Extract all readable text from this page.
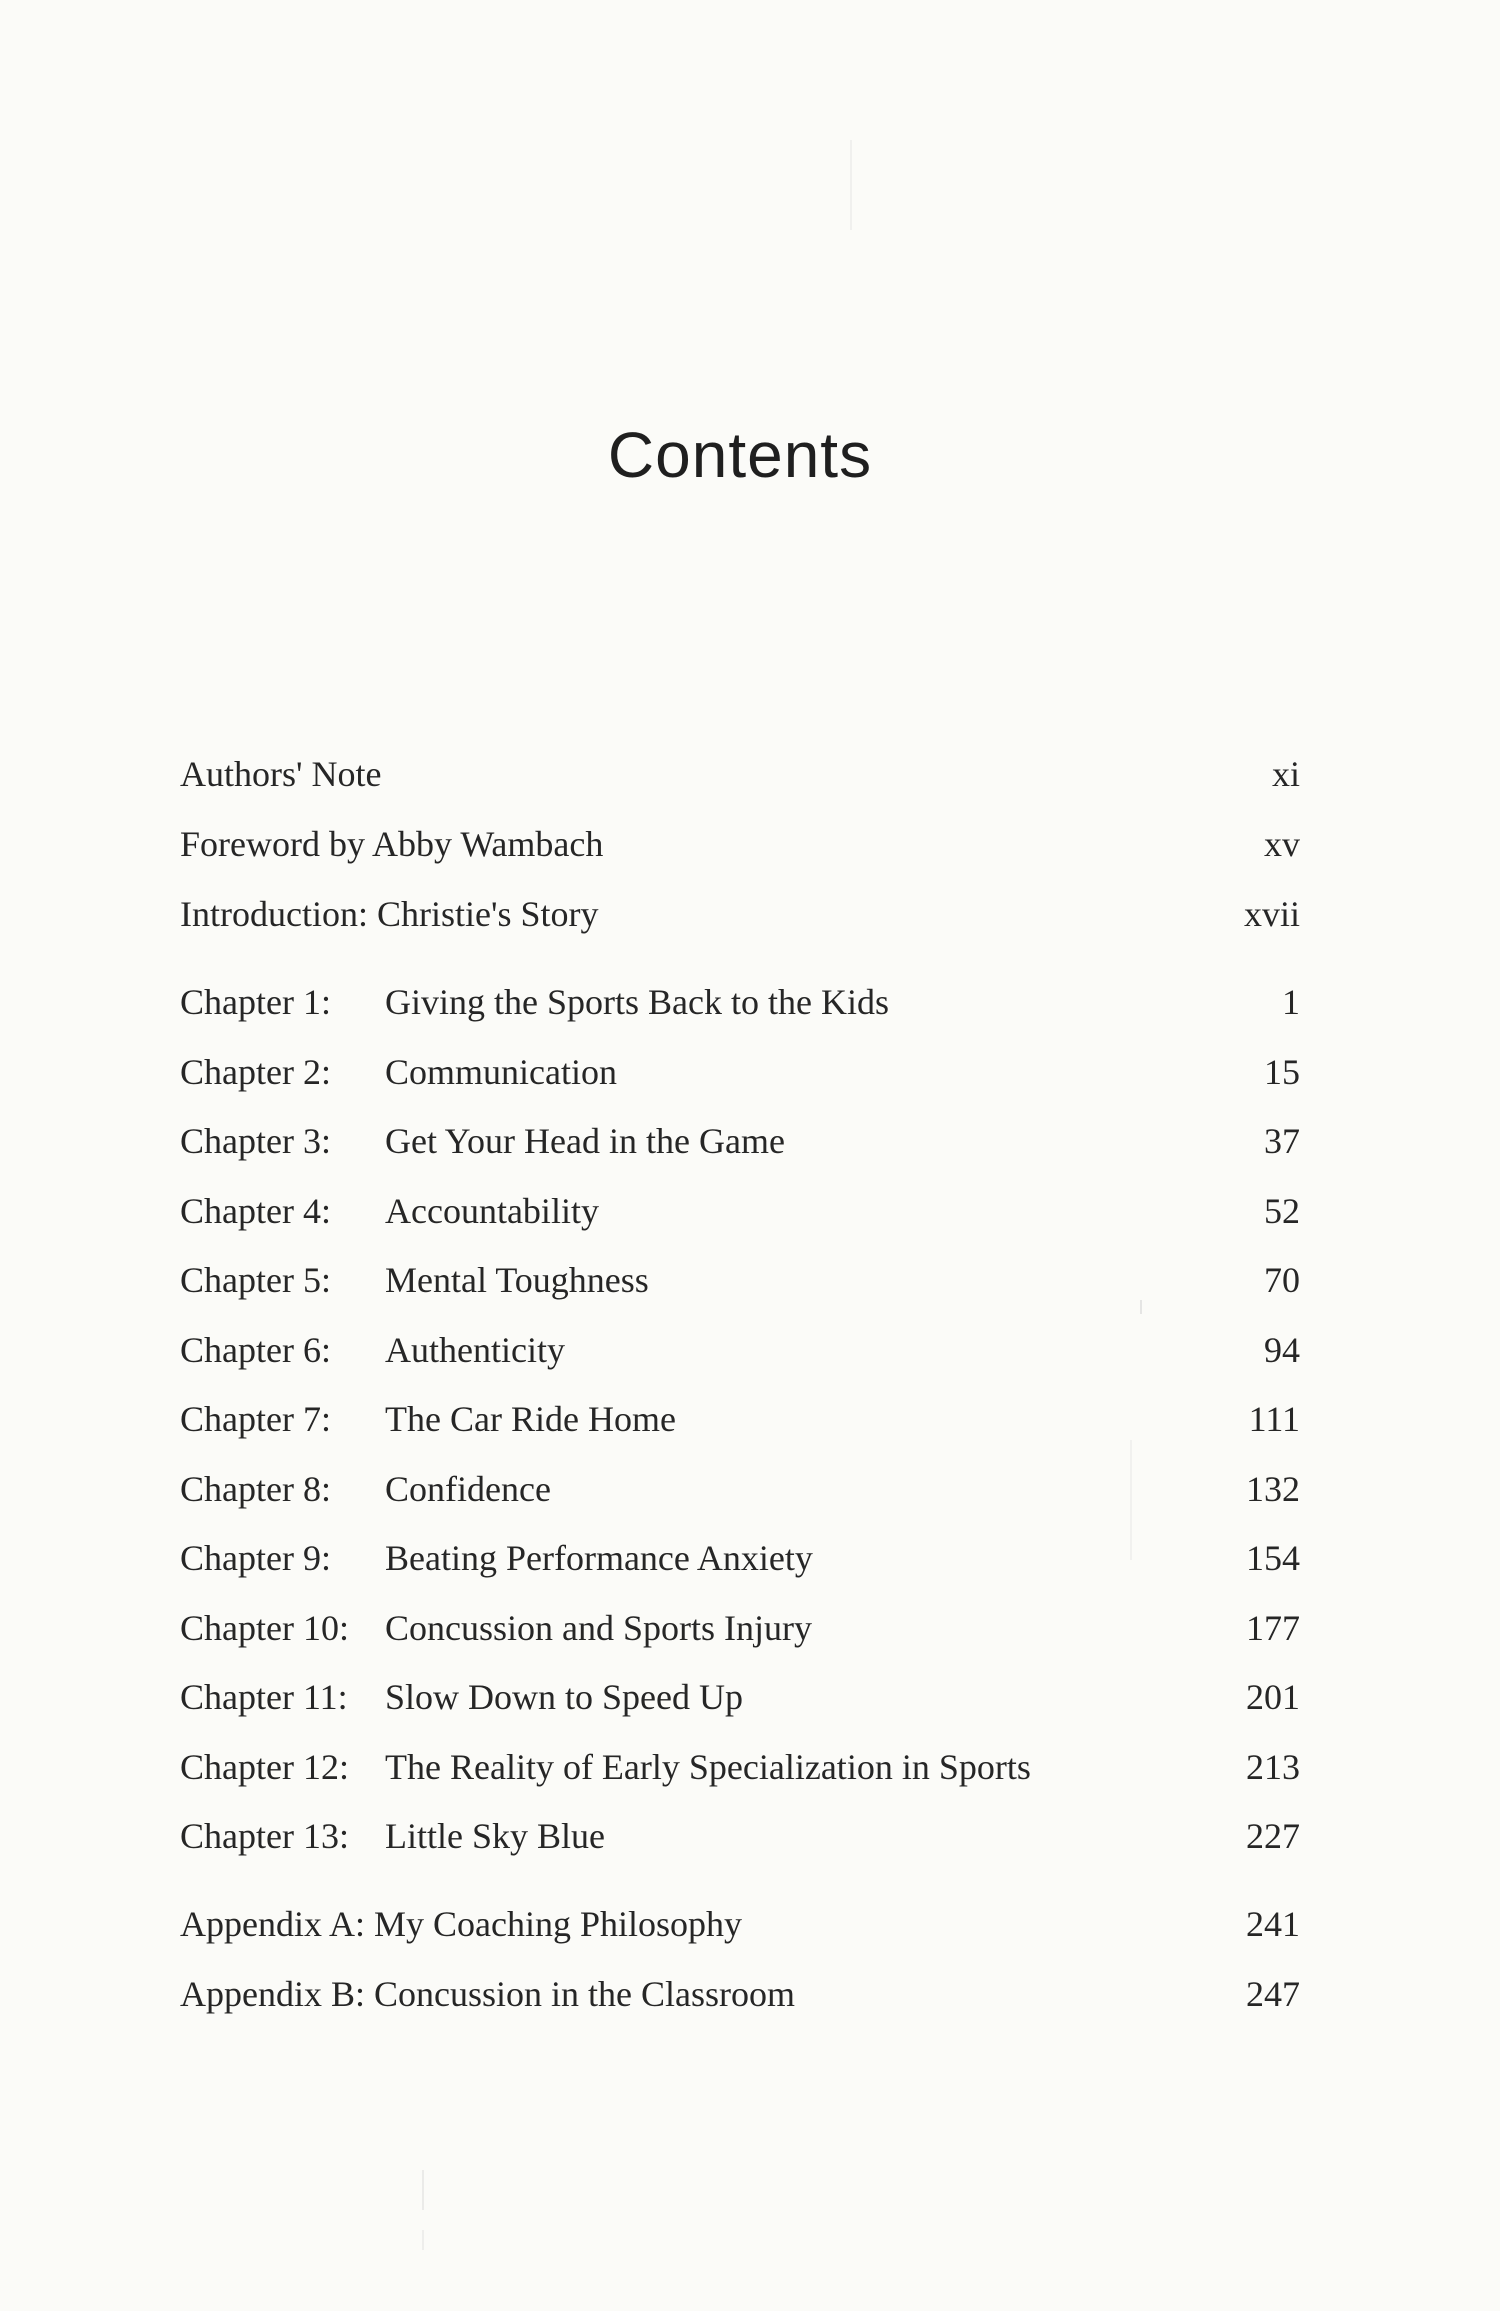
Contents
Authors' Note	xi
Foreword by Abby Wambach	xv
Introduction: Christie's Story	xvii
Chapter 1: Giving the Sports Back to the Kids	1
Chapter 2: Communication	15
Chapter 3: Get Your Head in the Game	37
Chapter 4: Accountability	52
Chapter 5: Mental Toughness	70
Chapter 6: Authenticity	94
Chapter 7: The Car Ride Home	111
Chapter 8: Confidence	132
Chapter 9: Beating Performance Anxiety	154
Chapter 10: Concussion and Sports Injury	177
Chapter 11: Slow Down to Speed Up	201
Chapter 12: The Reality of Early Specialization in Sports	213
Chapter 13: Little Sky Blue	227
Appendix A: My Coaching Philosophy	241
Appendix B: Concussion in the Classroom	247
